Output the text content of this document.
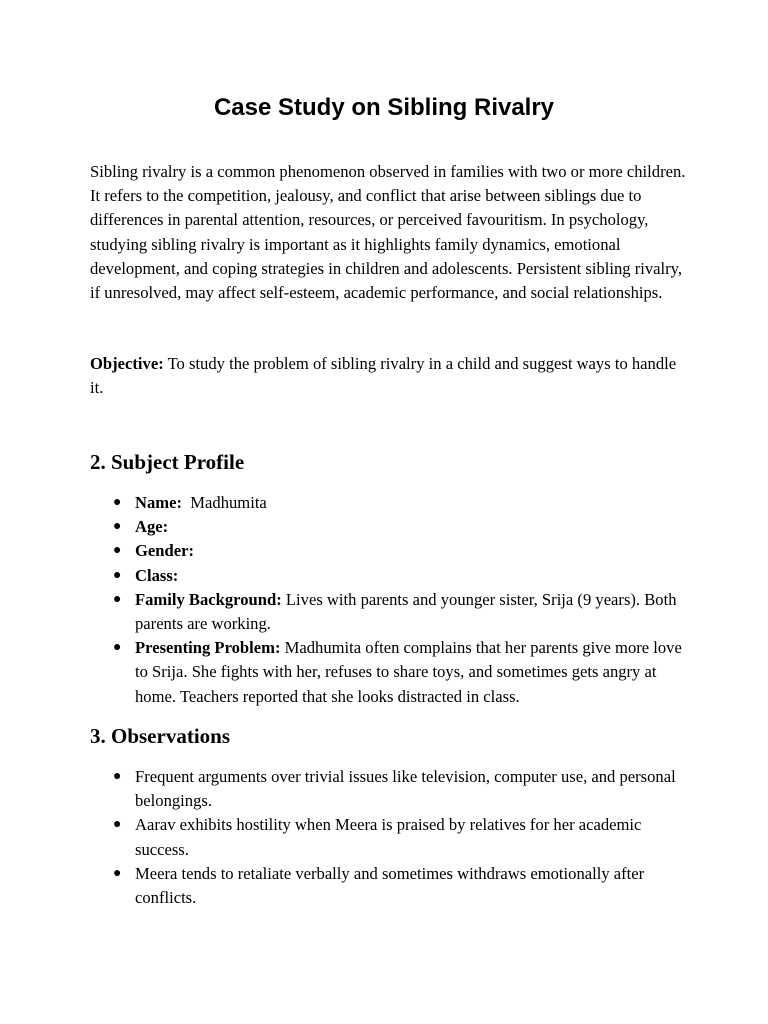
Case Study on Sibling Rivalry

Sibling rivalry is a common phenomenon observed in families with two or more children. It refers to the competition, jealousy, and conflict that arise between siblings due to differences in parental attention, resources, or perceived favouritism. In psychology, studying sibling rivalry is important as it highlights family dynamics, emotional development, and coping strategies in children and adolescents. Persistent sibling rivalry, if unresolved, may affect self-esteem, academic performance, and social relationships.

Objective: To study the problem of sibling rivalry in a child and suggest ways to handle it.

2. Subject Profile
● Name:  Madhumita
● Age:
● Gender:
● Class:
● Family Background: Lives with parents and younger sister, Srija (9 years). Both parents are working.
● Presenting Problem: Madhumita often complains that her parents give more love to Srija. She fights with her, refuses to share toys, and sometimes gets angry at home. Teachers reported that she looks distracted in class.
3. Observations
● Frequent arguments over trivial issues like television, computer use, and personal belongings.
● Aarav exhibits hostility when Meera is praised by relatives for her academic success.
● Meera tends to retaliate verbally and sometimes withdraws emotionally after conflicts.
